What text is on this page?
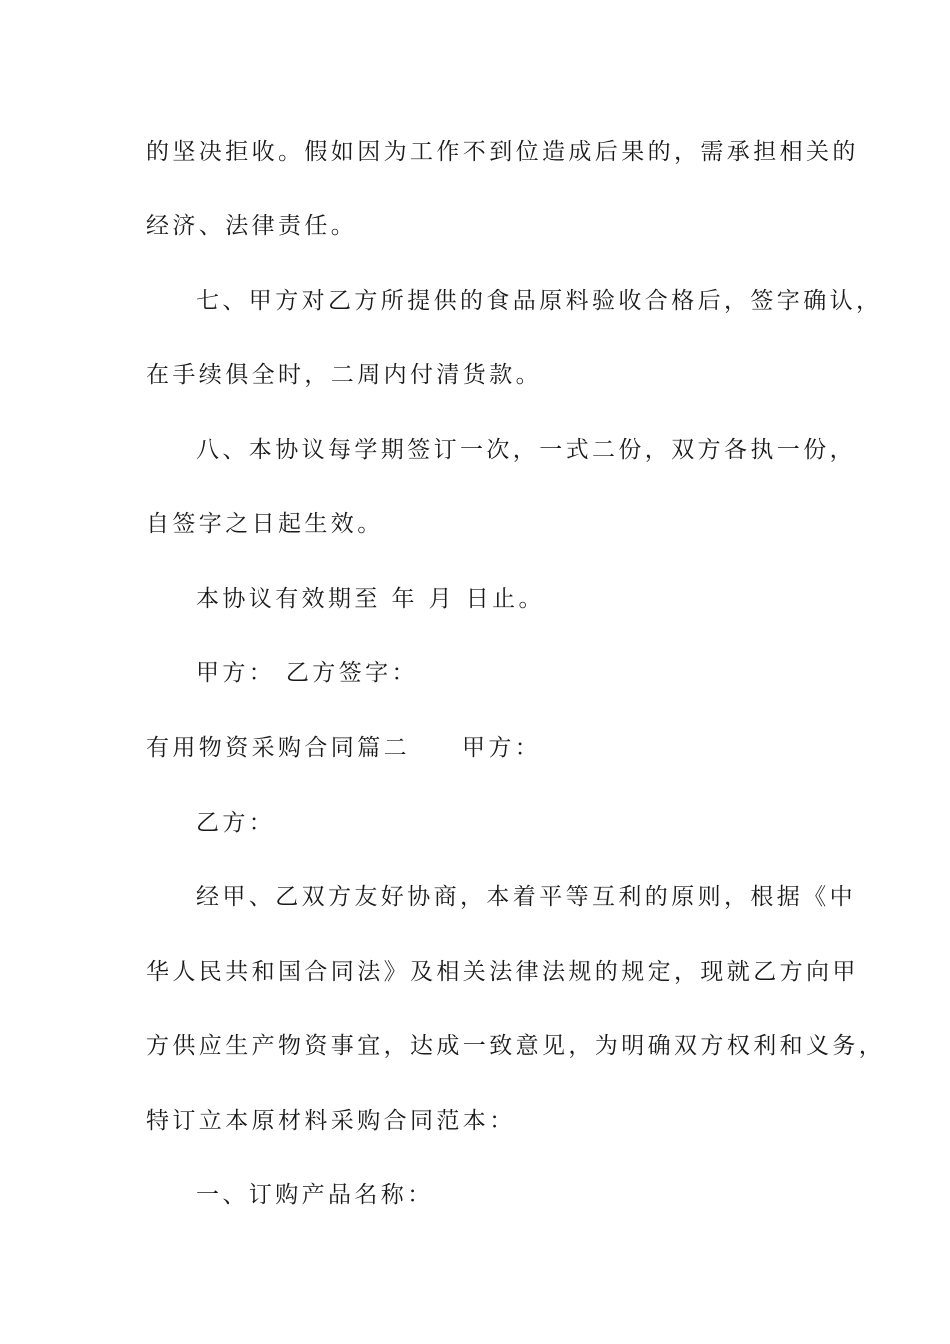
的坚决拒收。假如因为工作不到位造成后果的，需承担相关的
经济、法律责任。
七、甲方对乙方所提供的食品原料验收合格后，签字确认，
在手续俱全时，二周内付清货款。
八、本协议每学期签订一次，一式二份，双方各执一份，
自签字之日起生效。
本协议有效期至 年 月 日止。
甲方： 乙方签字：
有用物资采购合同篇二 甲方：
乙方：
经甲、乙双方友好协商，本着平等互利的原则，根据《中
华人民共和国合同法》及相关法律法规的规定，现就乙方向甲
方供应生产物资事宜，达成一致意见，为明确双方权利和义务，
特订立本原材料采购合同范本：
一、订购产品名称：
